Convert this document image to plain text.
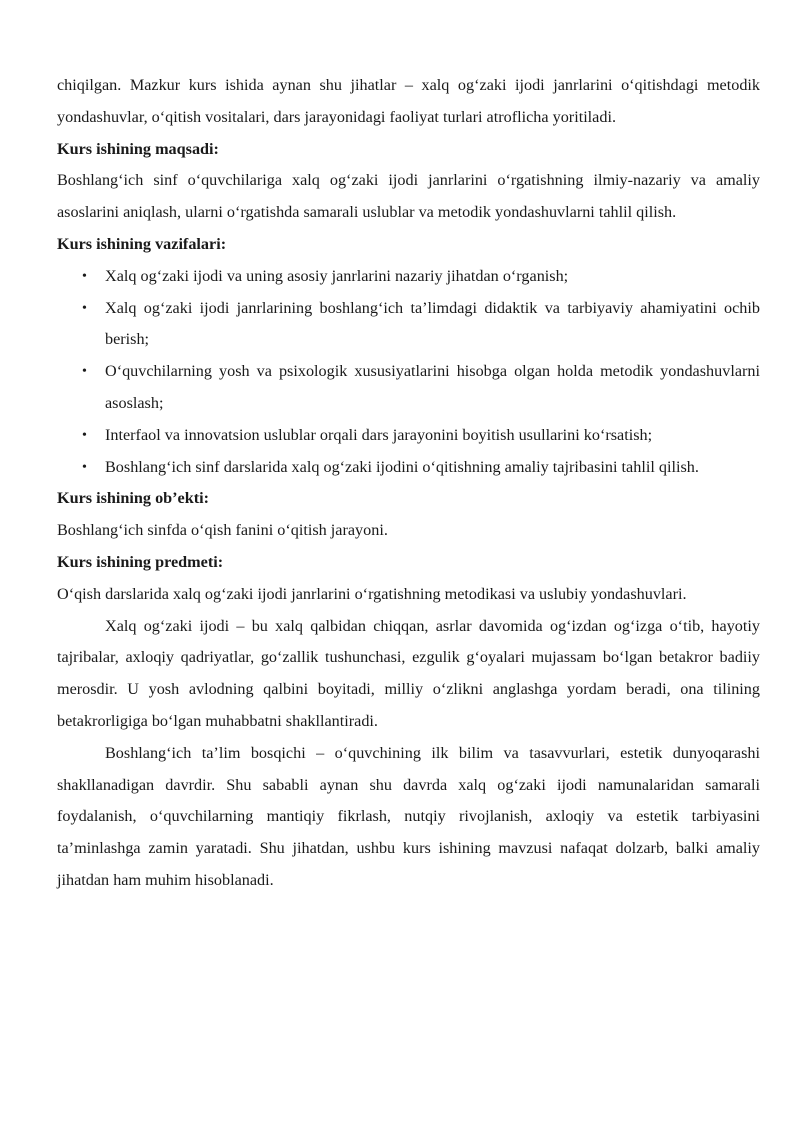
chiqilgan. Mazkur kurs ishida aynan shu jihatlar – xalq og‘zaki ijodi janrlarini o‘qitishdagi metodik yondashuvlar, o‘qitish vositalari, dars jarayonidagi faoliyat turlari atroflicha yoritiladi.

Kurs ishining maqsadi:

Boshlang‘ich sinf o‘quvchilariga xalq og‘zaki ijodi janrlarini o‘rgatishning ilmiy-nazariy va amaliy asoslarini aniqlash, ularni o‘rgatishda samarali uslublar va metodik yondashuvlarni tahlil qilish.

Kurs ishining vazifalari:

• Xalq og‘zaki ijodi va uning asosiy janrlarini nazariy jihatdan o‘rganish;
• Xalq og‘zaki ijodi janrlarining boshlang‘ich ta’limdagi didaktik va tarbiyaviy ahamiyatini ochib berish;
• O‘quvchilarning yosh va psixologik xususiyatlarini hisobga olgan holda metodik yondashuvlarni asoslash;
• Interfaol va innovatsion uslublar orqali dars jarayonini boyitish usullarini ko‘rsatish;
• Boshlang‘ich sinf darslarida xalq og‘zaki ijodini o‘qitishning amaliy tajribasini tahlil qilish.

Kurs ishining ob’ekti:

Boshlang‘ich sinfda o‘qish fanini o‘qitish jarayoni.

Kurs ishining predmeti:

O‘qish darslarida xalq og‘zaki ijodi janrlarini o‘rgatishning metodikasi va uslubiy yondashuvlari.

Xalq og‘zaki ijodi – bu xalq qalbidan chiqqan, asrlar davomida og‘izdan og‘izga o‘tib, hayotiy tajribalar, axloqiy qadriyatlar, go‘zallik tushunchasi, ezgulik g‘oyalari mujassam bo‘lgan betakror badiiy merosdir. U yosh avlodning qalbini boyitadi, milliy o‘zlikni anglashga yordam beradi, ona tilining betakrorligiga bo‘lgan muhabbatni shakllantiradi.

Boshlang‘ich ta’lim bosqichi – o‘quvchining ilk bilim va tasavvurlari, estetik dunyoqarashi shakllanadigan davrdir. Shu sababli aynan shu davrda xalq og‘zaki ijodi namunalaridan samarali foydalanish, o‘quvchilarning mantiqiy fikrlash, nutqiy rivojlanish, axloqiy va estetik tarbiyasini ta’minlashga zamin yaratadi. Shu jihatdan, ushbu kurs ishining mavzusi nafaqat dolzarb, balki amaliy jihatdan ham muhim hisoblanadi.
